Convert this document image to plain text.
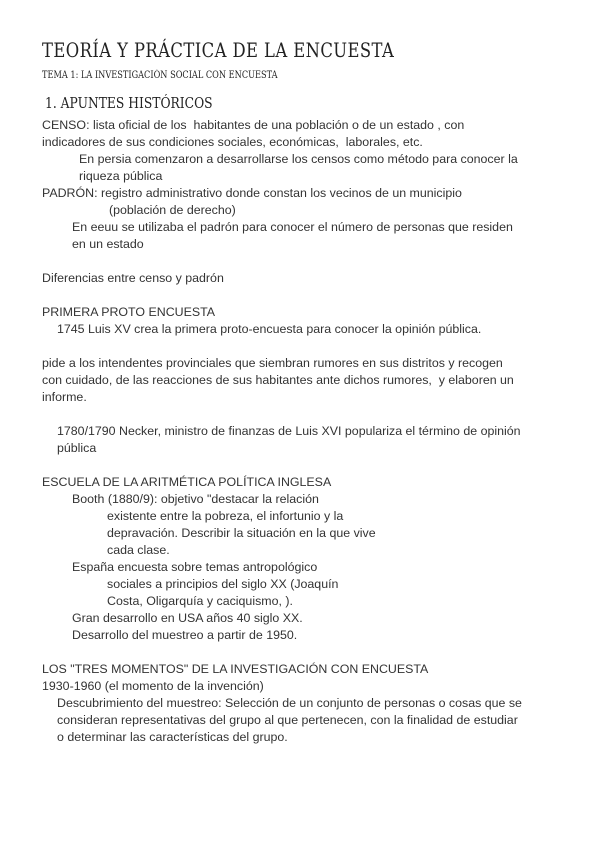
TEORÍA Y PRÁCTICA DE LA ENCUESTA
TEMA 1: LA INVESTIGACIÓN SOCIAL CON ENCUESTA
1. APUNTES HISTÓRICOS
CENSO: lista oficial de los  habitantes de una población o de un estado , con
indicadores de sus condiciones sociales, económicas,  laborales, etc.
En persia comenzaron a desarrollarse los censos como método para conocer la
riqueza pública
PADRÓN: registro administrativo donde constan los vecinos de un municipio
(población de derecho)
En eeuu se utilizaba el padrón para conocer el número de personas que residen
en un estado
Diferencias entre censo y padrón
PRIMERA PROTO ENCUESTA
1745 Luis XV crea la primera proto-encuesta para conocer la opinión pública.
pide a los intendentes provinciales que siembran rumores en sus distritos y recogen
con cuidado, de las reacciones de sus habitantes ante dichos rumores,  y elaboren un
informe.
1780/1790 Necker, ministro de finanzas de Luis XVI populariza el término de opinión
pública
ESCUELA DE LA ARITMÉTICA POLÍTICA INGLESA
Booth (1880/9): objetivo "destacar la relación
existente entre la pobreza, el infortunio y la
depravación. Describir la situación en la que vive
cada clase.
España encuesta sobre temas antropológico
sociales a principios del siglo XX (Joaquín
Costa, Oligarquía y caciquismo, ).
Gran desarrollo en USA años 40 siglo XX.
Desarrollo del muestreo a partir de 1950.
LOS "TRES MOMENTOS" DE LA INVESTIGACIÓN CON ENCUESTA
1930-1960 (el momento de la invención)
Descubrimiento del muestreo: Selección de un conjunto de personas o cosas que se
consideran representativas del grupo al que pertenecen, con la finalidad de estudiar
o determinar las características del grupo.
